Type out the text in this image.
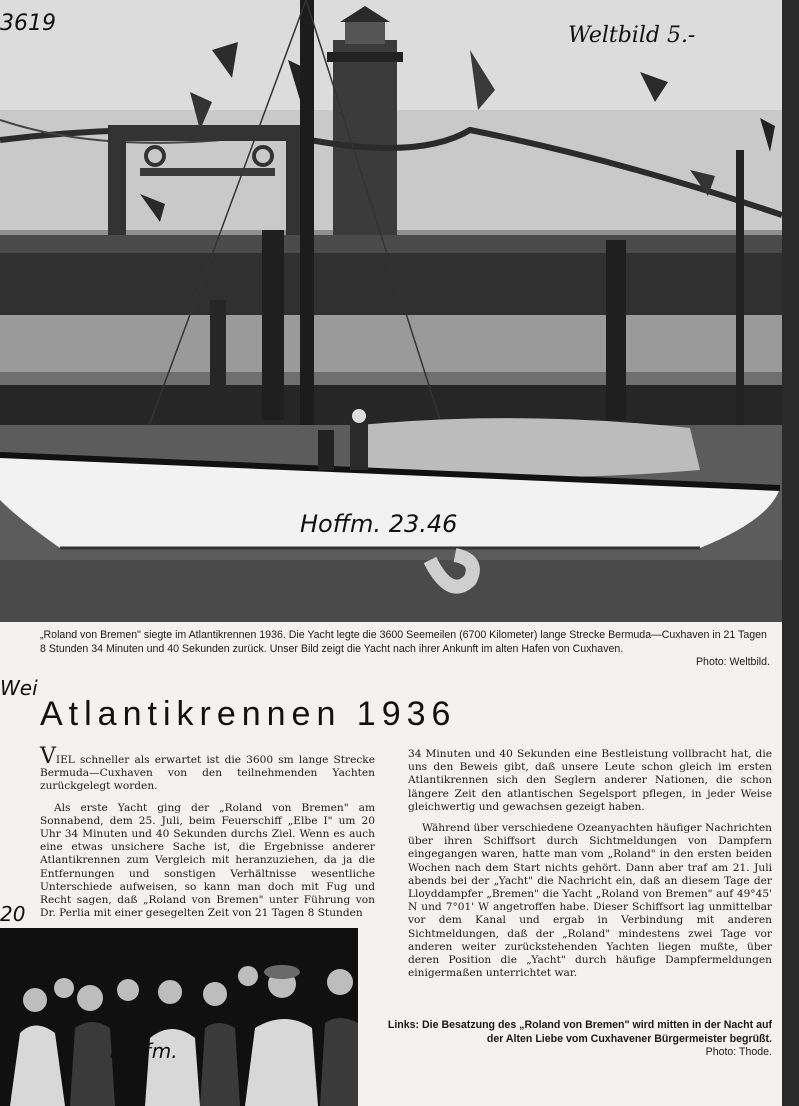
3619	Weltbild 5.-
Hoffm. 23.46
„Roland von Bremen" siegte im Atlantikrennen 1936. Die Yacht legte die 3600 Seemeilen (6700 Kilometer) lange Strecke Bermuda—Cuxhaven in 21 Tagen 8 Stunden 34 Minuten und 40 Sekunden zurück. Unser Bild zeigt die Yacht nach ihrer Ankunft im alten Hafen von Cuxhaven.
Photo: Weltbild.
Wei
Atlantikrennen 1936

VIEL schneller als erwartet ist die 3600 sm lange Strecke Bermuda—Cuxhaven von den teilnehmenden Yachten zurückgelegt worden.

Als erste Yacht ging der „Roland von Bremen" am Sonnabend, dem 25. Juli, beim Feuerschiff „Elbe I" um 20 Uhr 34 Minuten und 40 Sekunden durchs Ziel. Wenn es auch eine etwas unsichere Sache ist, die Ergebnisse anderer Atlantikrennen zum Vergleich mit heranzuziehen, da ja die Entfernungen und sonstigen Verhältnisse wesentliche Unterschiede aufweisen, so kann man doch mit Fug und Recht sagen, daß „Roland von Bremen" unter Führung von Dr. Perlia mit einer gesegelten Zeit von 21 Tagen 8 Stunden

34 Minuten und 40 Sekunden eine Bestleistung vollbracht hat, die uns den Beweis gibt, daß unsere Leute schon gleich im ersten Atlantikrennen sich den Seglern anderer Nationen, die schon längere Zeit den atlantischen Segelsport pflegen, in jeder Weise gleichwertig und gewachsen gezeigt haben.

Während über verschiedene Ozeanyachten häufiger Nachrichten über ihren Schiffsort durch Sichtmeldungen von Dampfern eingegangen waren, hatte man vom „Roland" in den ersten beiden Wochen nach dem Start nichts gehört. Dann aber traf am 21. Juli abends bei der „Yacht" die Nachricht ein, daß an diesem Tage der Lloyddampfer „Bremen" die Yacht „Roland von Bremen" auf 49°45' N und 7°01' W angetroffen habe. Dieser Schiffsort lag unmittelbar vor dem Kanal und ergab in Verbindung mit anderen Sichtmeldungen, daß der „Roland" mindestens zwei Tage vor anderen weiter zurückstehenden Yachten liegen mußte, über deren Position die „Yacht" durch häufige Dampfermeldungen einigermaßen unterrichtet war.

20
Thode 5.-
Hoffm.
Links: Die Besatzung des „Roland von Bremen" wird mitten in der Nacht auf der Alten Liebe vom Cuxhavener Bürgermeister begrüßt.
Photo: Thode.
